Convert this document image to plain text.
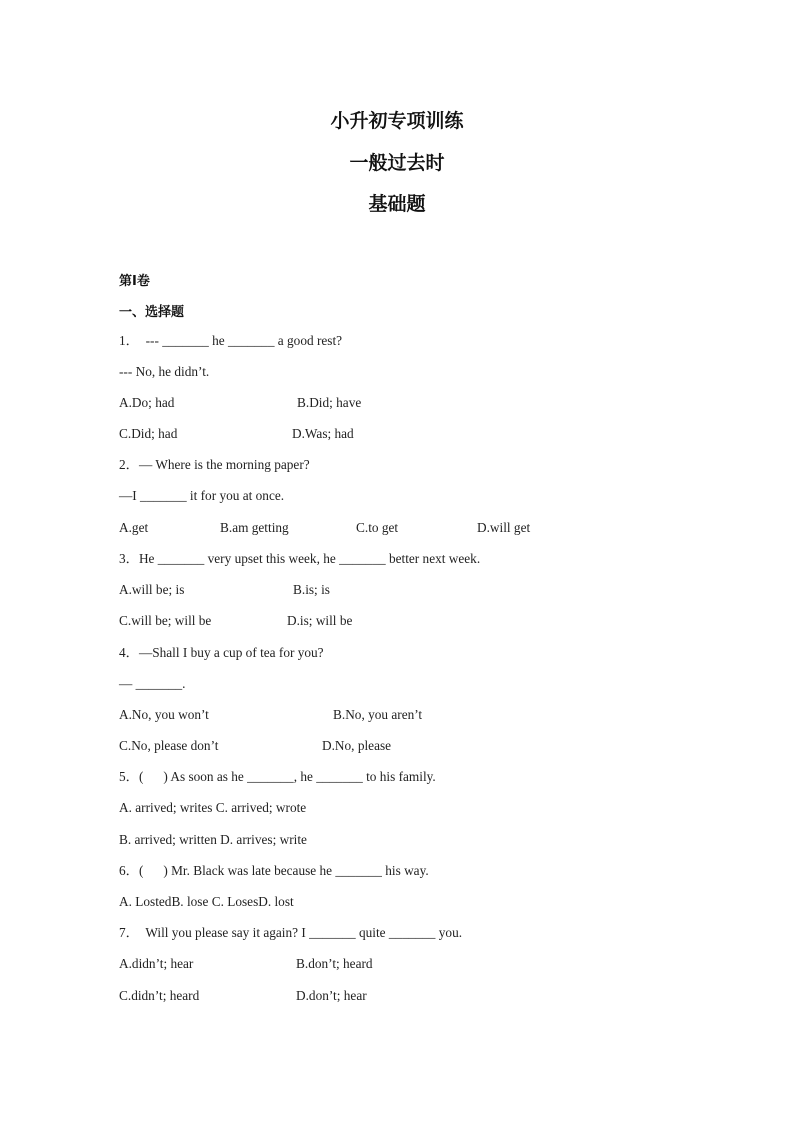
小升初专项训练
一般过去时
基础题
第I卷
一、选择题
1．  --- _______ he _______ a good rest?
--- No, he didn’t.
A.Do; had	B.Did; have
C.Did; had	D.Was; had
2．— Where is the morning paper?
—I _______ it for you at once.
A.get	B.am getting	C.to get	D.will get
3．He _______ very upset this week, he _______ better next week.
A.will be; is	B.is; is
C.will be; will be	D.is; will be
4．—Shall I buy a cup of tea for you?
— _______.
A.No, you won’t	B.No, you aren’t
C.No, please don’t	D.No, please
5．(      ) As soon as he _______, he _______ to his family.
A. arrived; writes C. arrived; wrote
B. arrived; written D. arrives; write
6．(      ) Mr. Black was late because he _______ his way.
A. LostedB. lose C. LosesD. lost
7．  Will you please say it again? I _______ quite _______ you.
A.didn’t; hear	B.don’t; heard
C.didn’t; heard	D.don’t; hear
